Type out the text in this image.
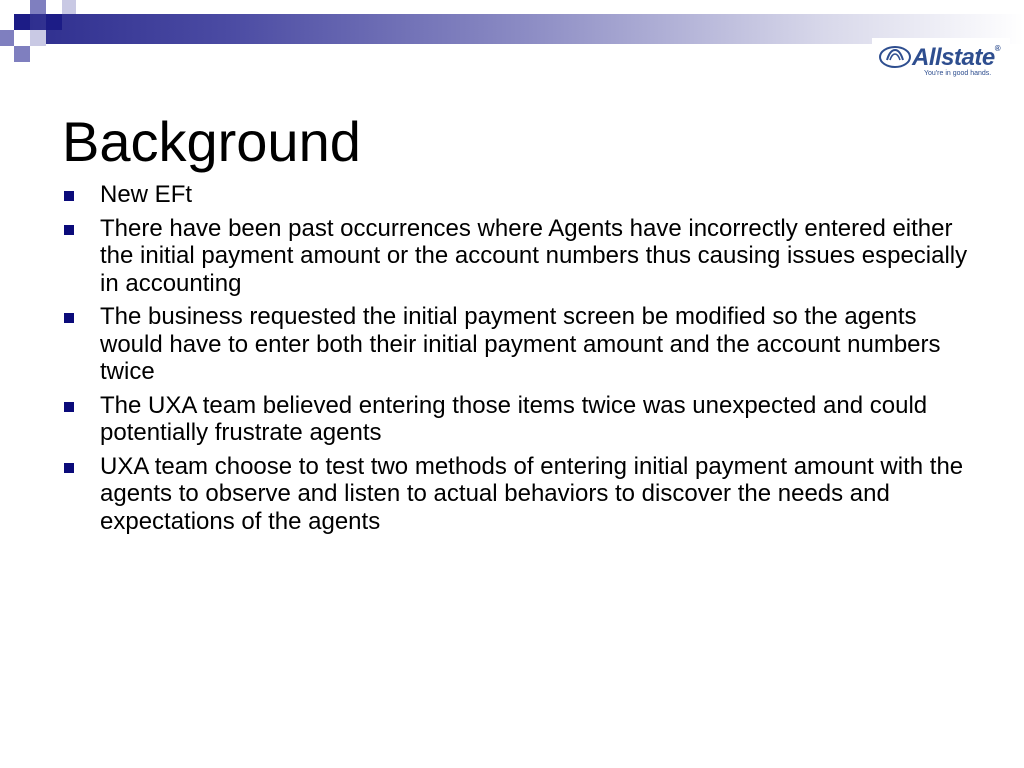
Allstate®
You're in good hands.
Background
New EFt
There have been past occurrences where Agents have incorrectly entered either the initial payment amount or the account numbers thus causing issues especially in accounting
The business requested the initial payment screen be modified so the agents would have to enter both their initial payment amount and the account numbers twice
The UXA team believed entering those items twice was unexpected and could potentially frustrate agents
UXA team choose to test two methods of entering initial payment amount with the agents to observe and listen to actual behaviors to discover the needs and expectations of the agents
